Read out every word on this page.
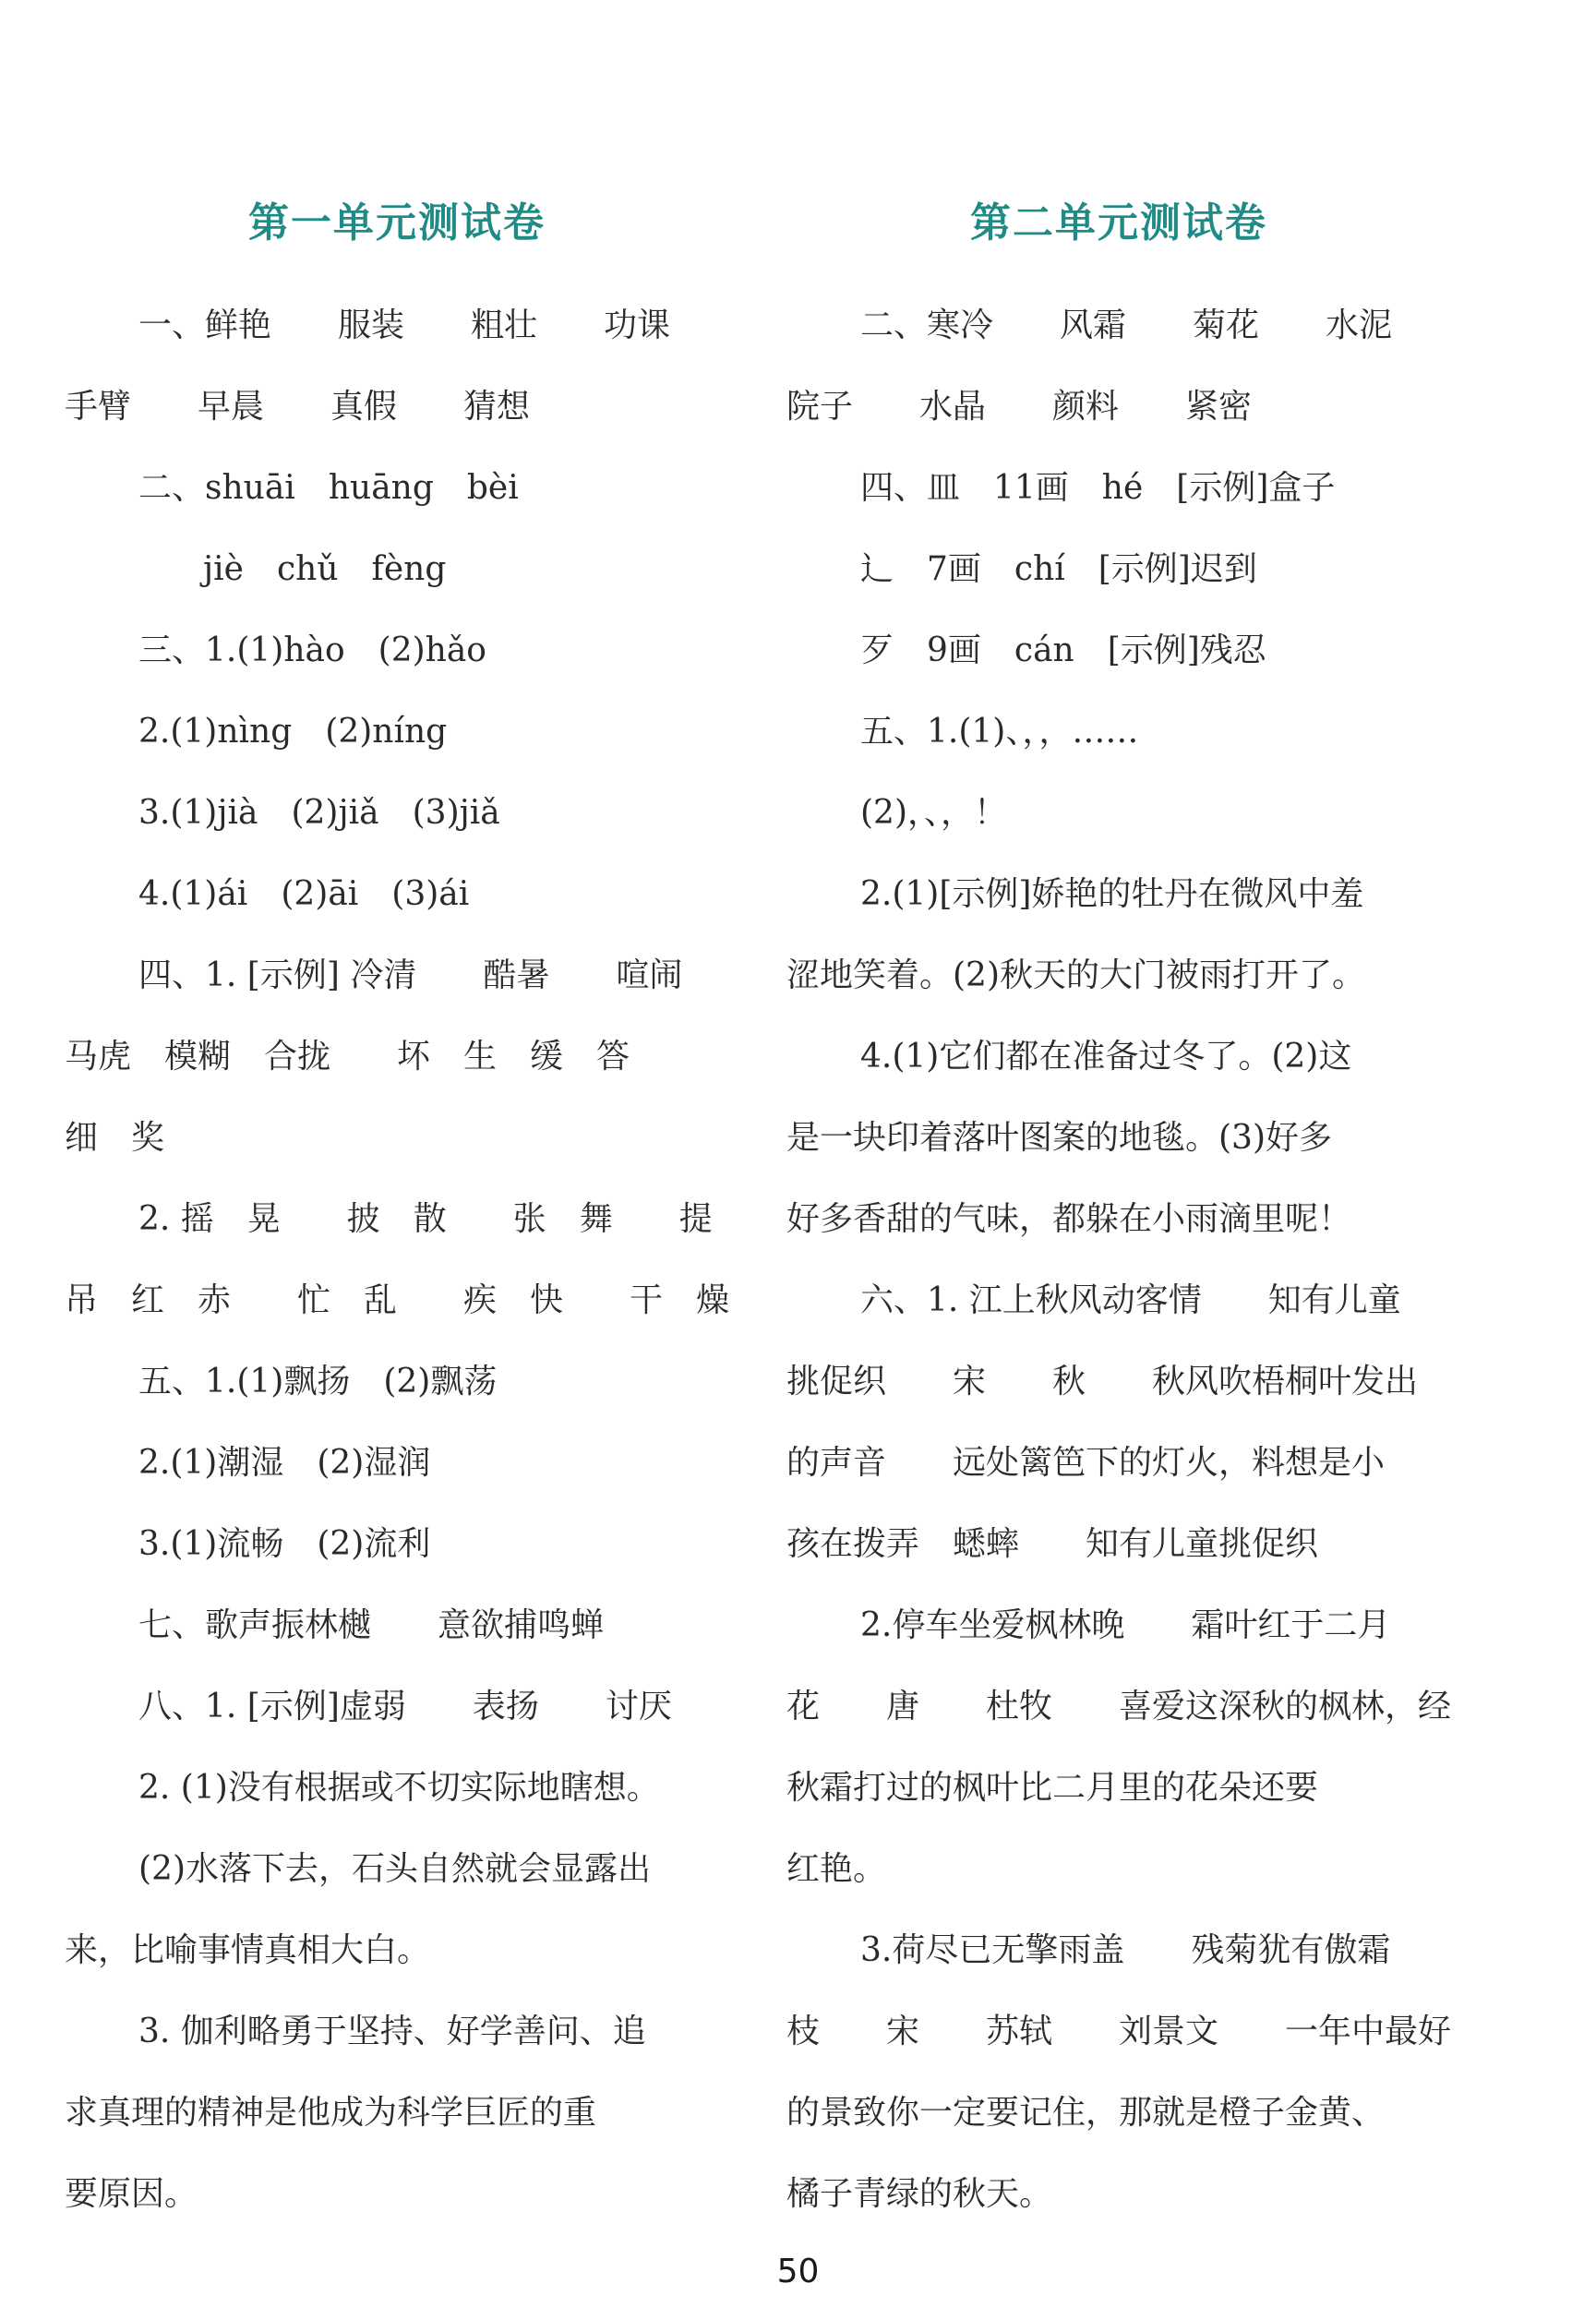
第一单元测试卷
一、鲜艳　　服装　　粗壮　　功课
手臂　　早晨　　真假　　猜想
二、shuāi　huāng　bèi
jiè　chǔ　fèng
三、1.(1)hào　(2)hǎo
2.(1)nìng　(2)níng
3.(1)jià　(2)jiǎ　(3)jiǎ
4.(1)ái　(2)āi　(3)ái
四、1. [示例] 冷清　　酷暑　　喧闹
马虎　模糊　合拢　　坏　生　缓　答
细　奖
2. 摇　晃　　披　散　　张　舞　　提
吊　红　赤　　忙　乱　　疾　快　　干　燥
五、1.(1)飘扬　(2)飘荡
2.(1)潮湿　(2)湿润
3.(1)流畅　(2)流利
七、歌声振林樾　　意欲捕鸣蝉
八、1. [示例]虚弱　　表扬　　讨厌
2. (1)没有根据或不切实际地瞎想。
(2)水落下去，石头自然就会显露出
来，比喻事情真相大白。
3. 伽利略勇于坚持、好学善问、追
求真理的精神是他成为科学巨匠的重
要原因。
第二单元测试卷
二、寒冷　　风霜　　菊花　　水泥
院子　　水晶　　颜料　　紧密
四、皿　11画　hé　[示例]盒子
辶　7画　chí　[示例]迟到
歹　9画　cán　[示例]残忍
五、1.(1)、，，……
(2)，、，！
2.(1)[示例]娇艳的牡丹在微风中羞
涩地笑着。(2)秋天的大门被雨打开了。
4.(1)它们都在准备过冬了。(2)这
是一块印着落叶图案的地毯。(3)好多
好多香甜的气味，都躲在小雨滴里呢！
六、1. 江上秋风动客情　　知有儿童
挑促织　　宋　　秋　　秋风吹梧桐叶发出
的声音　　远处篱笆下的灯火，料想是小
孩在拨弄　蟋蟀　　知有儿童挑促织
2.停车坐爱枫林晚　　霜叶红于二月
花　　唐　　杜牧　　喜爱这深秋的枫林，经
秋霜打过的枫叶比二月里的花朵还要
红艳。
3.荷尽已无擎雨盖　　残菊犹有傲霜
枝　　宋　　苏轼　　刘景文　　一年中最好
的景致你一定要记住，那就是橙子金黄、
橘子青绿的秋天。
50
